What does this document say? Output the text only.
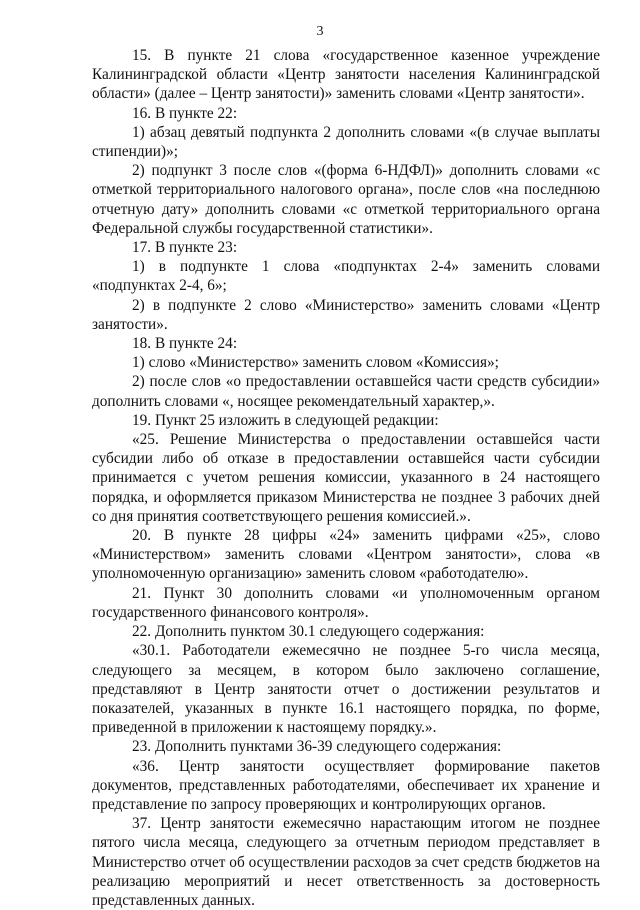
3

15. В пункте 21 слова «государственное казенное учреждение Калининградской области «Центр занятости населения Калининградской области» (далее – Центр занятости)» заменить словами «Центр занятости».

16. В пункте 22:

1) абзац девятый подпункта 2 дополнить словами «(в случае выплаты стипендии)»;

2) подпункт 3 после слов «(форма 6-НДФЛ)» дополнить словами «с отметкой территориального налогового органа», после слов «на последнюю отчетную дату» дополнить словами «с отметкой территориального органа Федеральной службы государственной статистики».

17. В пункте 23:

1) в подпункте 1 слова «подпунктах 2-4» заменить словами «подпунктах 2-4, 6»;

2) в подпункте 2 слово «Министерство» заменить словами «Центр занятости».

18. В пункте 24:

1) слово «Министерство» заменить словом «Комиссия»;

2) после слов «о предоставлении оставшейся части средств субсидии» дополнить словами «, носящее рекомендательный характер,».

19. Пункт 25 изложить в следующей редакции:

«25. Решение Министерства о предоставлении оставшейся части субсидии либо об отказе в предоставлении оставшейся части субсидии принимается с учетом решения комиссии, указанного в 24 настоящего порядка, и оформляется приказом Министерства не позднее 3 рабочих дней со дня принятия соответствующего решения комиссией.».

20. В пункте 28 цифры «24» заменить цифрами «25», слово «Министерством» заменить словами «Центром занятости», слова «в уполномоченную организацию» заменить словом «работодателю».

21. Пункт 30 дополнить словами «и уполномоченным органом государственного финансового контроля».

22. Дополнить пунктом 30.1 следующего содержания:

«30.1. Работодатели ежемесячно не позднее 5-го числа месяца, следующего за месяцем, в котором было заключено соглашение, представляют в Центр занятости отчет о достижении результатов и показателей, указанных в пункте 16.1 настоящего порядка, по форме, приведенной в приложении к настоящему порядку.».

23. Дополнить пунктами 36-39 следующего содержания:

«36. Центр занятости осуществляет формирование пакетов документов, представленных работодателями, обеспечивает их хранение и представление по запросу проверяющих и контролирующих органов.

37. Центр занятости ежемесячно нарастающим итогом не позднее пятого числа месяца, следующего за отчетным периодом представляет в Министерство отчет об осуществлении расходов за счет средств бюджетов на реализацию мероприятий и несет ответственность за достоверность представленных данных.
